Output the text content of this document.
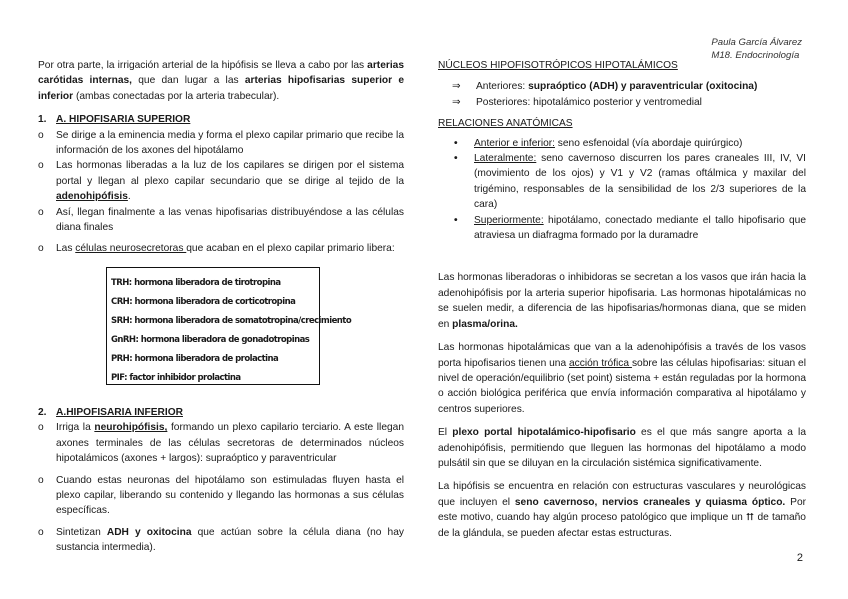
Paula García Álvarez
M18. Endocrinología

Por otra parte, la irrigación arterial de la hipófisis se lleva a cabo por las arterias carótidas internas, que dan lugar a las arterias hipofisarias superior e inferior (ambas conectadas por la arteria trabecular).

1. A. HIPOFISARIA SUPERIOR
o Se dirige a la eminencia media y forma el plexo capilar primario que recibe la información de los axones del hipotálamo
o Las hormonas liberadas a la luz de los capilares se dirigen por el sistema portal y llegan al plexo capilar secundario que se dirige al tejido de la adenohipófisis.
o Así, llegan finalmente a las venas hipofisarias distribuyéndose a las células diana finales
o Las células neurosecretoras que acaban en el plexo capilar primario libera:
TRH: hormona liberadora de tirotropina
CRH: hormona liberadora de corticotropina
SRH: hormona liberadora de somatotropina/crecimiento
GnRH: hormona liberadora de gonadotropinas
PRH: hormona liberadora de prolactina
PIF: factor inhibidor prolactina
2. A.HIPOFISARIA INFERIOR
o Irriga la neurohipófisis, formando un plexo capilario terciario. A este llegan axones terminales de las células secretoras de determinados núcleos hipotalámicos (axones + largos): supraóptico y paraventricular
o Cuando estas neuronas del hipotálamo son estimuladas fluyen hasta el plexo capilar, liberando su contenido y llegando las hormonas a sus células específicas.
o Sintetizan ADH y oxitocina que actúan sobre la célula diana (no hay sustancia intermedia).
NÚCLEOS HIPOFISOTRÓPICOS HIPOTALÁMICOS
⇒ Anteriores: supraóptico (ADH) y paraventricular (oxitocina)
⇒ Posteriores: hipotalámico posterior y ventromedial
RELACIONES ANATÓMICAS
• Anterior e inferior: seno esfenoidal (vía abordaje quirúrgico)
• Lateralmente: seno cavernoso discurren los pares craneales III, IV, VI (movimiento de los ojos) y V1 y V2 (ramas oftálmica y maxilar del trigémino, responsables de la sensibilidad de los 2/3 superiores de la cara)
• Superiormente: hipotálamo, conectado mediante el tallo hipofisario que atraviesa un diafragma formado por la duramadre

Las hormonas liberadoras o inhibidoras se secretan a los vasos que irán hacia la adenohipófisis por la arteria superior hipofisaria. Las hormonas hipotalámicas no se suelen medir, a diferencia de las hipofisarias/hormonas diana, que se miden en plasma/orina.

Las hormonas hipotalámicas que van a la adenohipófisis a través de los vasos porta hipofisarios tienen una acción trófica sobre las células hipofisarias: situan el nivel de operación/equilibrio (set point) sistema + están reguladas por la hormona o acción biológica periférica que envía información comparativa al hipotálamo y centros superiores.

El plexo portal hipotalámico-hipofisario es el que más sangre aporta a la adenohipófisis, permitiendo que lleguen las hormonas del hipotálamo a modo pulsátil sin que se diluyan en la circulación sistémica significativamente.

La hipófisis se encuentra en relación con estructuras vasculares y neurológicas que incluyen el seno cavernoso, nervios craneales y quiasma óptico. Por este motivo, cuando hay algún proceso patológico que implique un ⮅ de tamaño de la glándula, se pueden afectar estas estructuras.

2
